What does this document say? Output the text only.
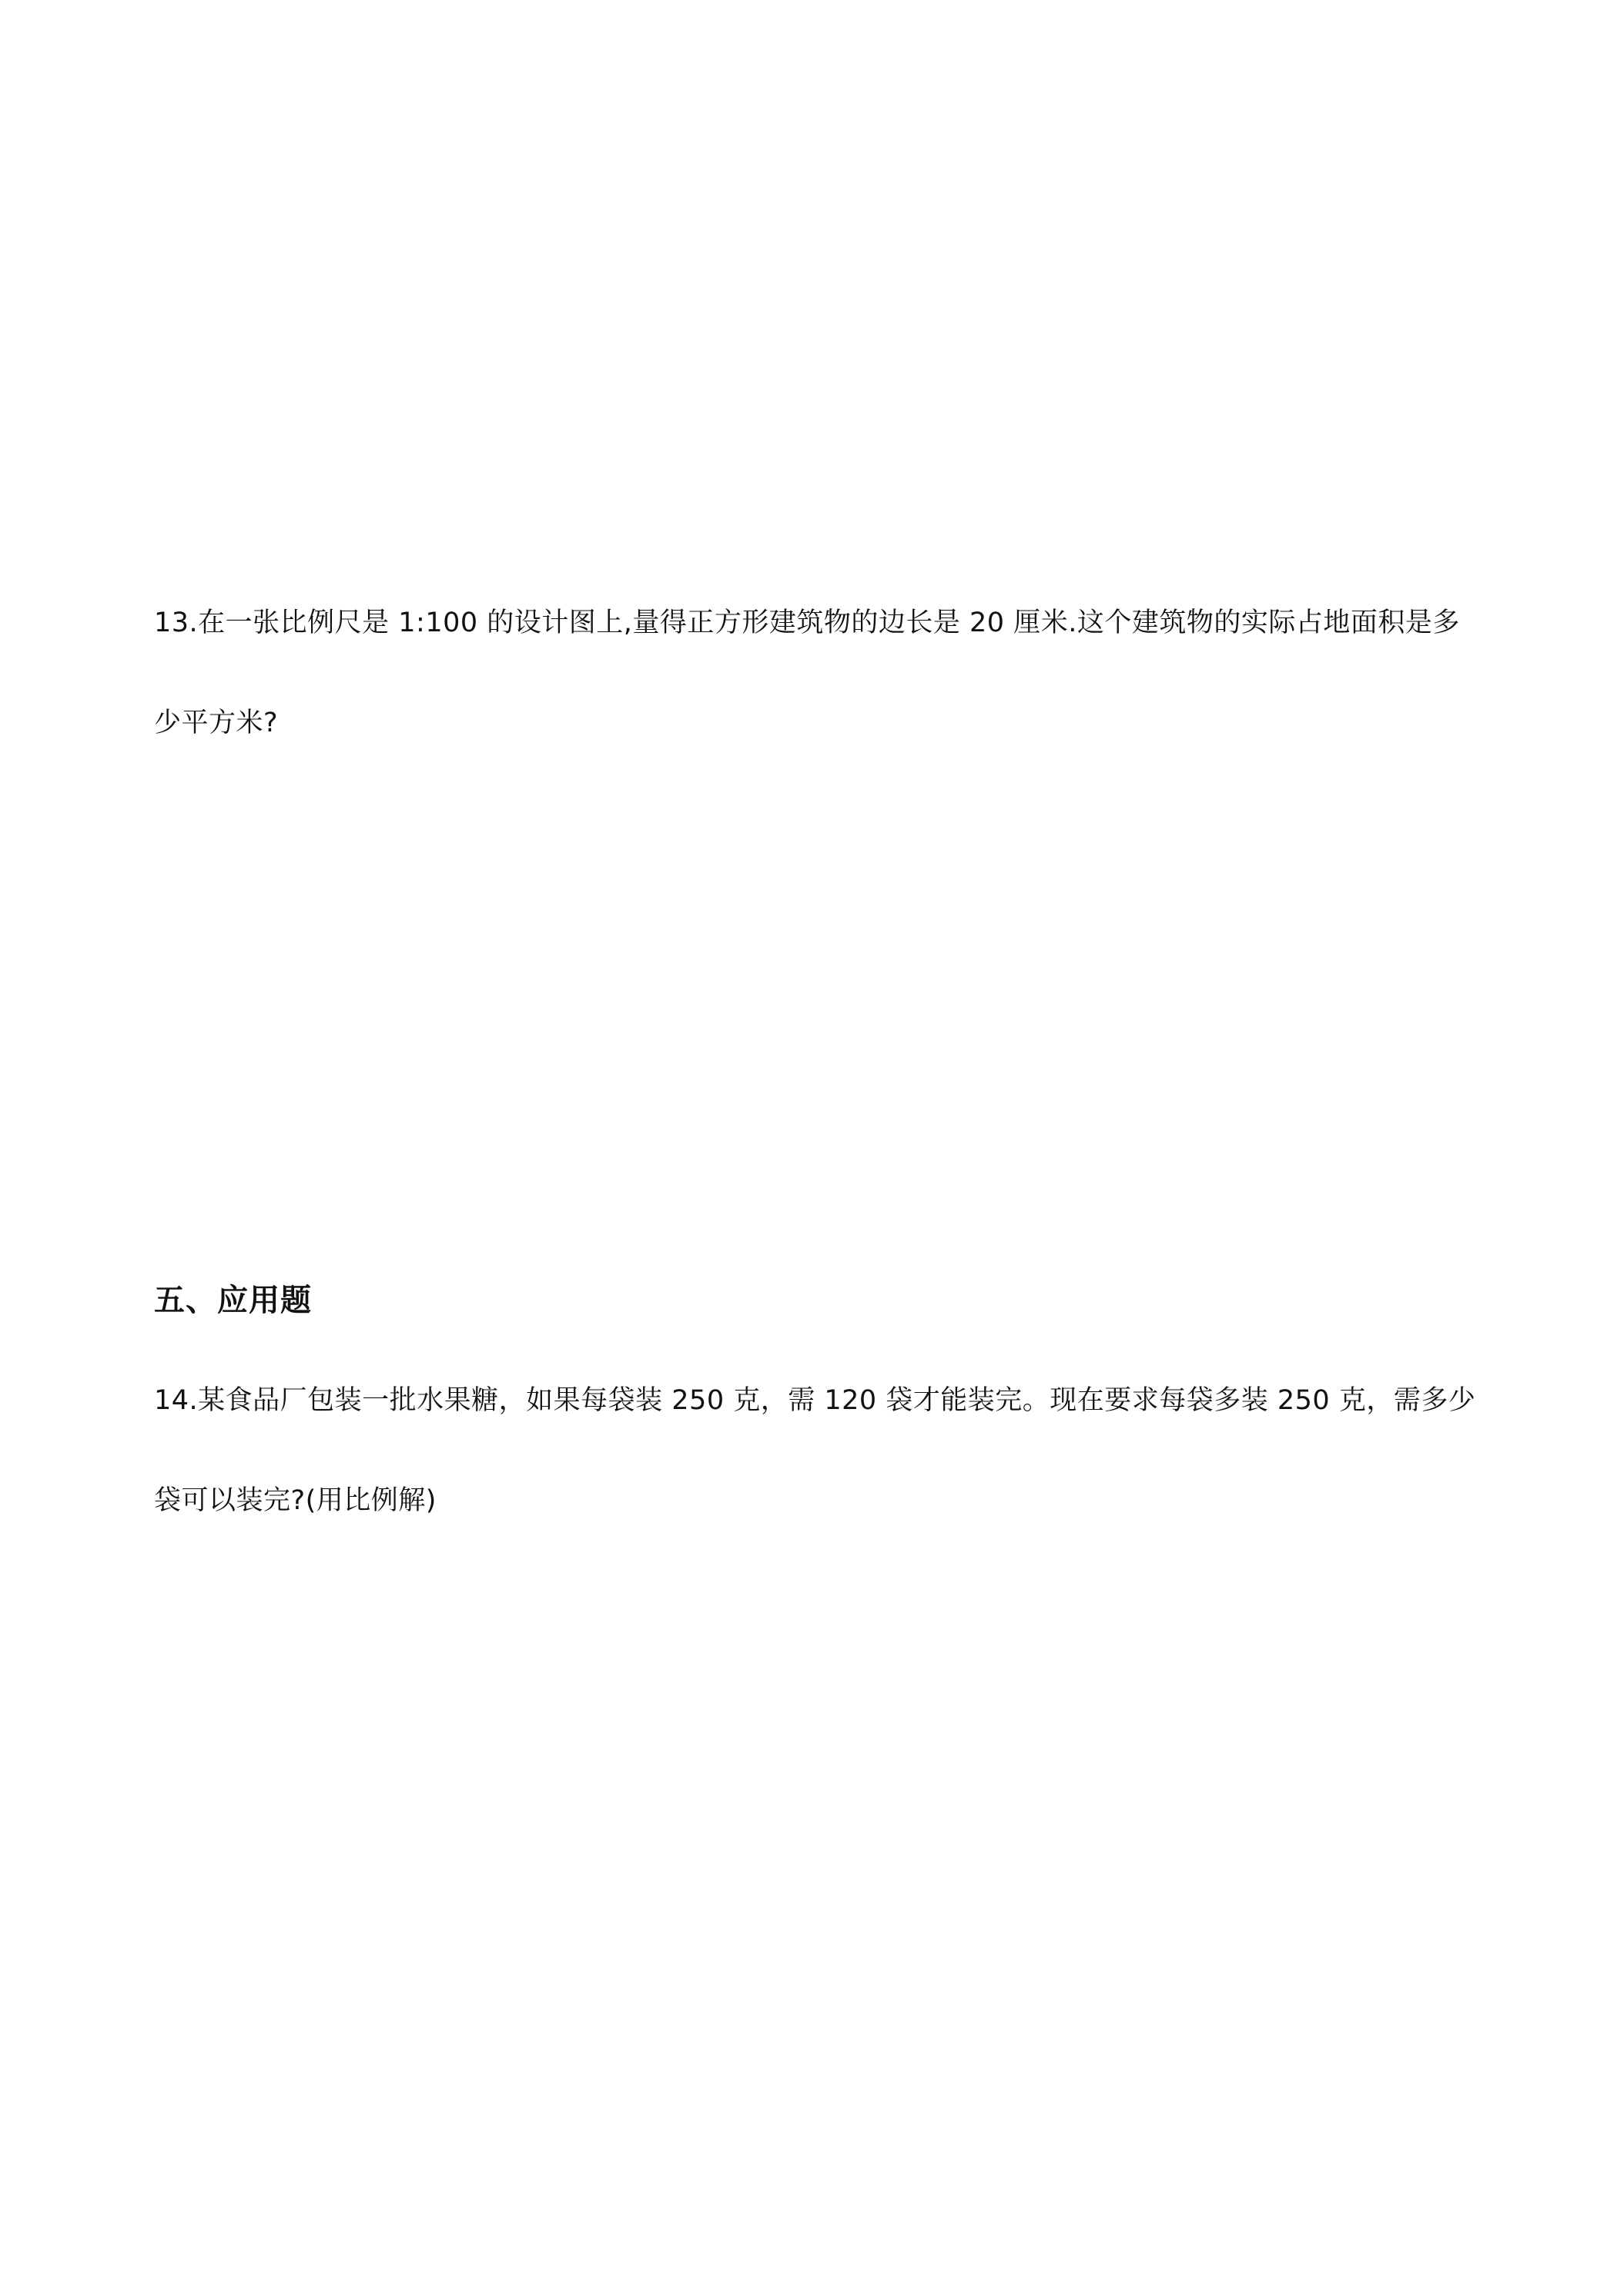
13.在一张比例尺是 1:100 的设计图上,量得正方形建筑物的边长是 20 厘米.这个建筑物的实际占地面积是多
少平方米?
五、应用题
14.某食品厂包装一批水果糖，如果每袋装 250 克，需 120 袋才能装完。现在要求每袋多装 250 克，需多少
袋可以装完?(用比例解)
